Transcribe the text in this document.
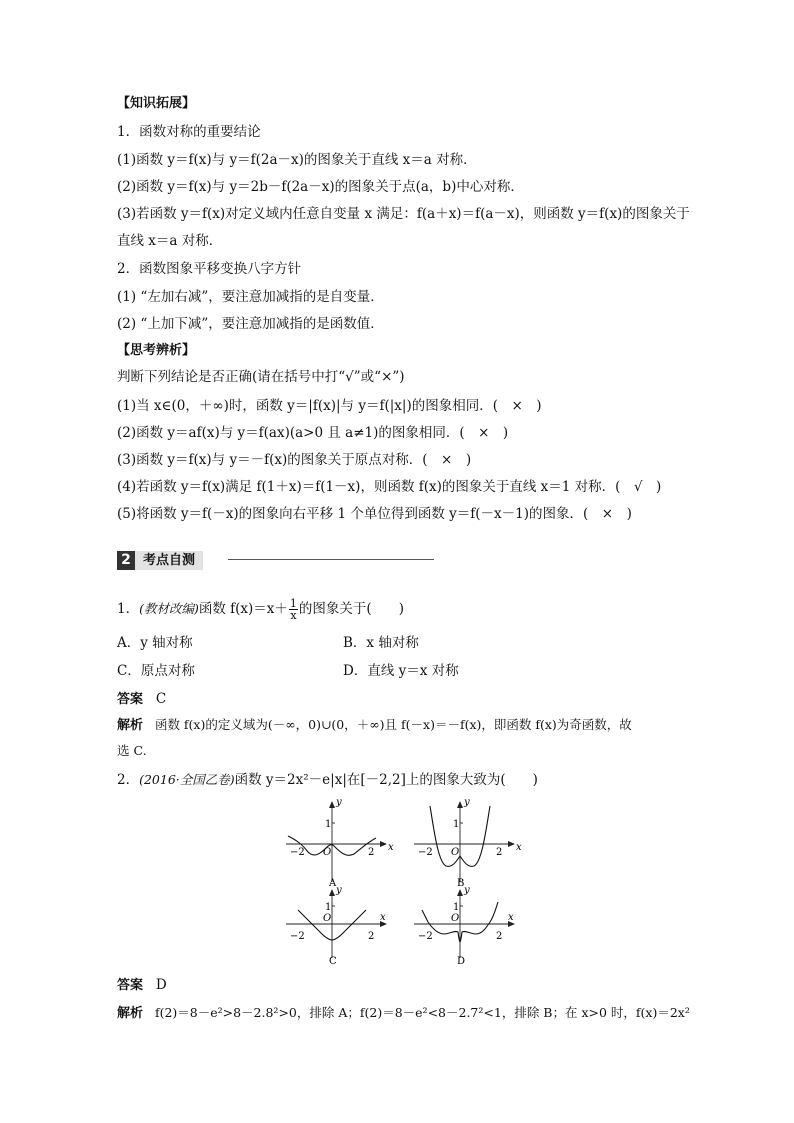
【知识拓展】
1．函数对称的重要结论
(1)函数 y＝f(x)与 y＝f(2a－x)的图象关于直线 x＝a 对称．
(2)函数 y＝f(x)与 y＝2b－f(2a－x)的图象关于点(a，b)中心对称．
(3)若函数 y＝f(x)对定义域内任意自变量 x 满足：f(a＋x)＝f(a－x)，则函数 y＝f(x)的图象关于
直线 x＝a 对称．
2．函数图象平移变换八字方针
(1) “左加右减”，要注意加减指的是自变量．
(2) “上加下减”，要注意加减指的是函数值．
【思考辨析】
判断下列结论是否正确(请在括号中打“√”或“×”)
(1)当 x∈(0，＋∞)时，函数 y＝|f(x)|与 y＝f(|x|)的图象相同．(　×　)
(2)函数 y＝af(x)与 y＝f(ax)(a>0 且 a≠1)的图象相同．(　×　)
(3)函数 y＝f(x)与 y＝－f(x)的图象关于原点对称．(　×　)
(4)若函数 y＝f(x)满足 f(1＋x)＝f(1－x)，则函数 f(x)的图象关于直线 x＝1 对称．(　√　)
(5)将函数 y＝f(－x)的图象向右平移 1 个单位得到函数 y＝f(－x－1)的图象．(　×　)
2 考点自测
1．(教材改编)函数 $f(x)=x+ \frac{1}{x}$ 的图象关于(　　)
A．y 轴对称	B．x 轴对称
C．原点对称	D．直线 y＝x 对称
答案 C
解析 函数 f(x)的定义域为(－∞，0)∪(0，＋∞)且 f(－x)＝－f(x)，即函数 f(x)为奇函数，故
选 C.
2．(2016·全国乙卷)函数 y＝2x²－e|x|在[－2,2]上的图象大致为(　　)
y
x
1
O
−2	2
A
y
x
1
O
−2	2
B
y
x
1
O
−2	2
C
y
x
1
O
−2	2
D
答案 D
解析 f(2)＝8－e²>8－2.8²>0，排除 A；f(2)＝8－e²<8－2.7²<1，排除 B；在 x>0 时，f(x)＝2x²
